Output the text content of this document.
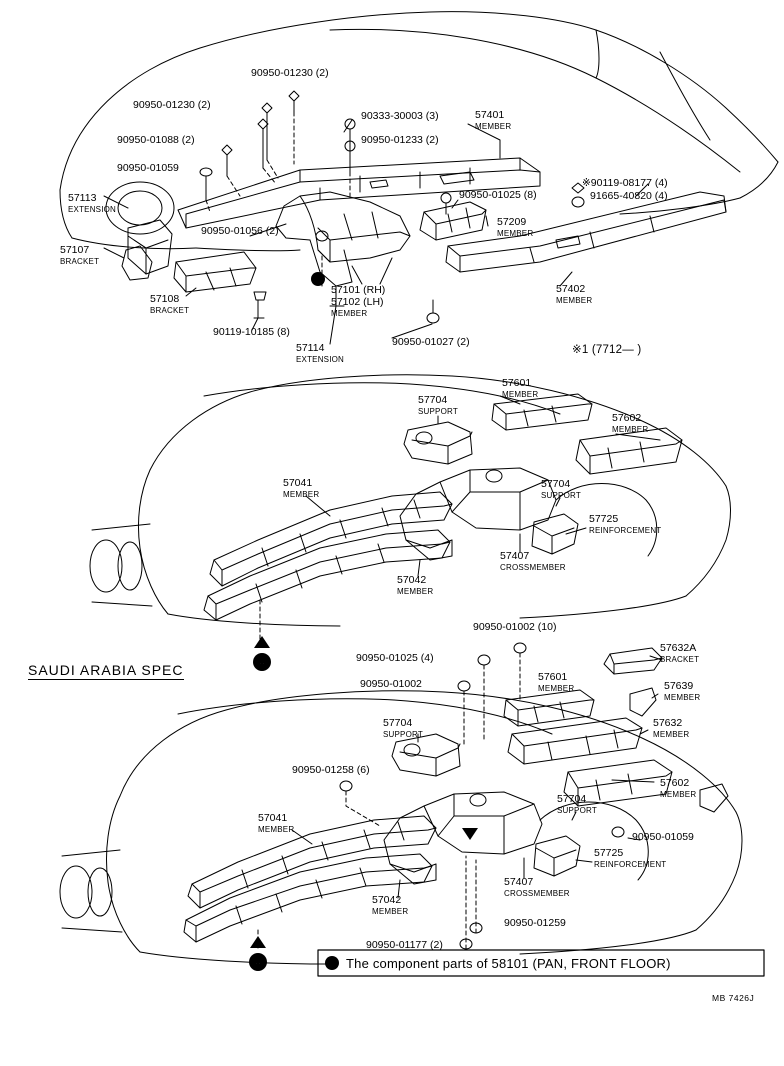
A
A
A	A
90950-01230 (2)
90950-01230 (2)
90333-30003 (3)	57401
MEMBER
90950-01088 (2)	90950-01233 (2)
90950-01059
※90119-08177 (4)
91665-40820 (4)
90950-01025 (8)
57113
EXTENSION
57209
MEMBER
90950-01056 (2)
57107
BRACKET
57402
MEMBER
57101 (RH)
57102 (LH)
MEMBER
57108
BRACKET
90119-10185 (8)
90950-01027 (2)
57114
EXTENSION
※1 (7712— )
57601
MEMBER
57704
SUPPORT
57602
MEMBER
57704
SUPPORT
57041
MEMBER
57725
REINFORCEMENT
57407
CROSSMEMBER
57042
MEMBER
SAUDI ARABIA SPEC
90950-01002 (10)
90950-01025 (4)
57632A
BRACKET
90950-01002
57601
MEMBER	57639
MEMBER
57632
MEMBER
57704
SUPPORT
90950-01258 (6)
57602
MEMBER
57704
SUPPORT
57041
MEMBER
90950-01059
57725
REINFORCEMENT
57407
CROSSMEMBER
57042
MEMBER
90950-01259
90950-01177 (2)
The component parts of 58101 (PAN, FRONT FLOOR)
MB 7426J
